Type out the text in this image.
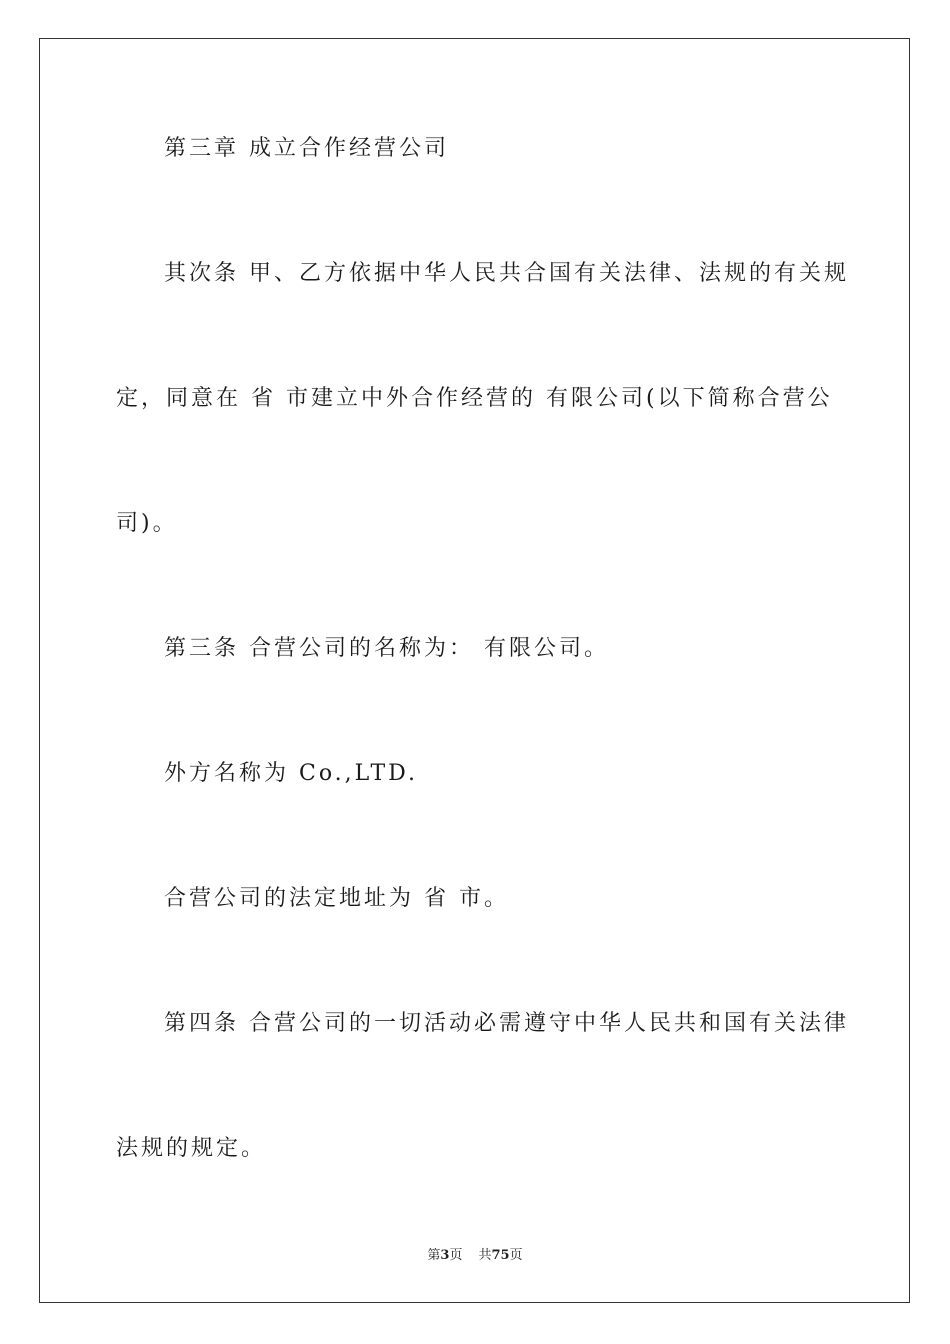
第三章 成立合作经营公司
其次条 甲、乙方依据中华人民共合国有关法律、法规的有关规
定，同意在 省 市建立中外合作经营的 有限公司(以下简称合营公
司)。
第三条 合营公司的名称为： 有限公司。
外方名称为 Co.,LTD.
合营公司的法定地址为 省 市。
第四条 合营公司的一切活动必需遵守中华人民共和国有关法律
法规的规定。
第3页 共75页
